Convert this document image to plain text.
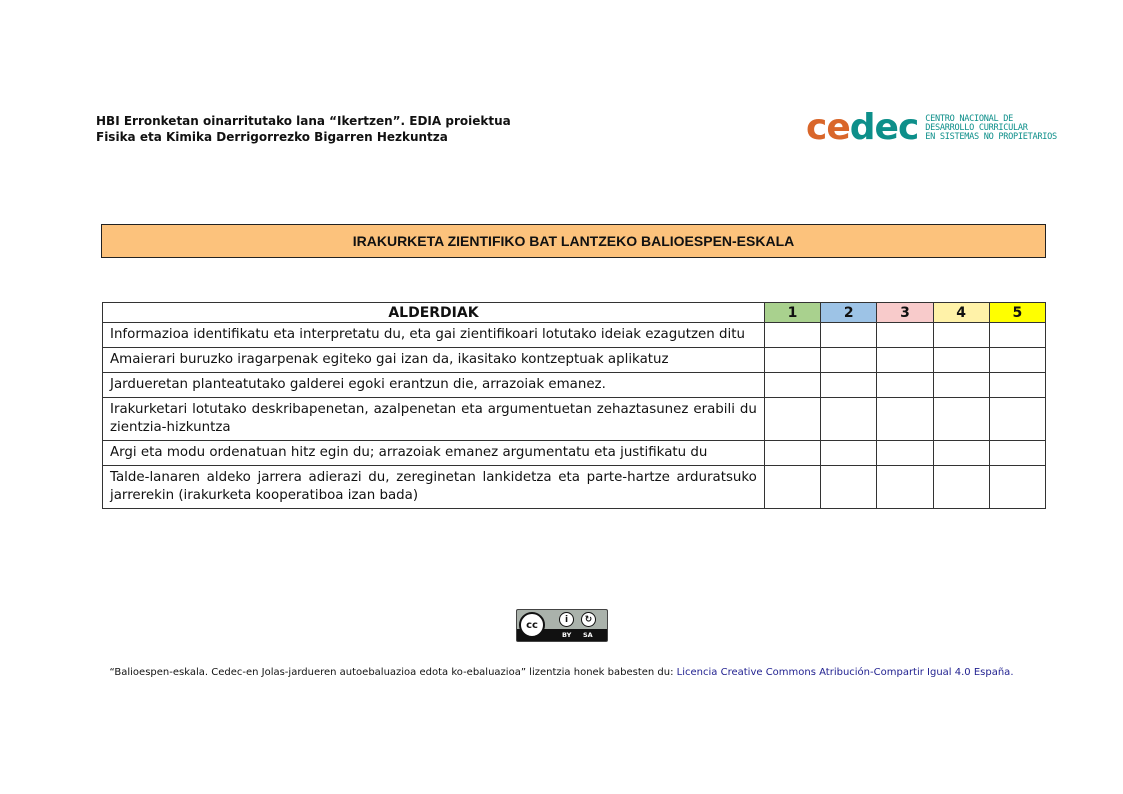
HBI Erronketan oinarritutako lana “Ikertzen”. EDIA proiektua
Fisika eta Kimika Derrigorrezko Bigarren Hezkuntza	cedec CENTRO NACIONAL DE
DESARROLLO CURRICULAR
EN SISTEMAS NO PROPIETARIOS
IRAKURKETA ZIENTIFIKO BAT LANTZEKO BALIOESPEN-ESKALA
ALDERDIAK	1	2	3	4	5
Informazioa identifikatu eta interpretatu du, eta gai zientifikoari lotutako ideiak ezagutzen ditu					
Amaierari buruzko iragarpenak egiteko gai izan da, ikasitako kontzeptuak aplikatuz					
Jarduеretan planteatutako galderei egoki erantzun die, arrazoiak emanez.					
Irakurketari lotutako deskribapenetan, azalpenetan eta argumentuetan zehaztasunez erabili du zientzia-hizkuntza					
Argi eta modu ordenatuan hitz egin du; arrazoiak emanez argumentatu eta justifikatu du					
Talde-lanaren aldeko jarrera adierazi du, zereginetan lankidetza eta parte-hartze arduratsuko jarrerekin (irakurketa kooperatiboa izan bada)					
cc	i	↻
BY SA
“Balioespen-eskala. Cedec-en Jolas-jardueren autoebaluazioa edota ko-ebaluazioa” lizentzia honek babesten du: Licencia Creative Commons Atribución-Compartir Igual 4.0 España.
